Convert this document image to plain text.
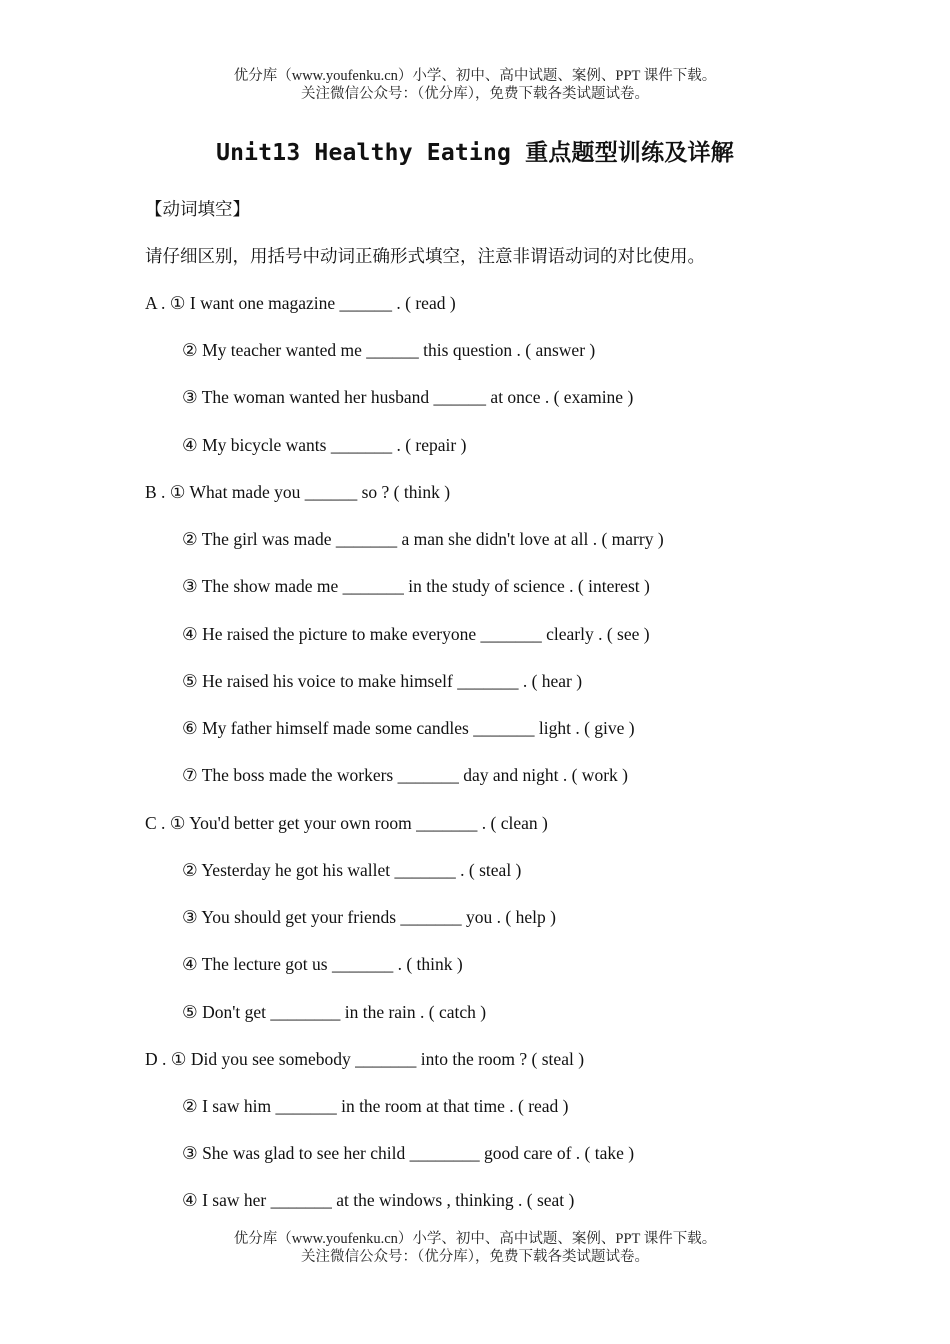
优分库（www.youfenku.cn）小学、初中、高中试题、案例、PPT 课件下载。
关注微信公众号：（优分库），免费下载各类试题试卷。
Unit13 Healthy Eating 重点题型训练及详解
【动词填空】
请仔细区别，用括号中动词正确形式填空，注意非谓语动词的对比使用。
A . ① I want one magazine ______ . ( read )
② My teacher wanted me ______ this question . ( answer )
③ The woman wanted her husband ______ at once . ( examine )
④ My bicycle wants _______ . ( repair )
B . ① What made you ______ so ? ( think )
② The girl was made _______ a man she didn't love at all . ( marry )
③ The show made me _______ in the study of science . ( interest )
④ He raised the picture to make everyone _______ clearly . ( see )
⑤ He raised his voice to make himself _______ . ( hear )
⑥ My father himself made some candles _______ light . ( give )
⑦ The boss made the workers _______ day and night . ( work )
C . ① You'd better get your own room _______ . ( clean )
② Yesterday he got his wallet _______ . ( steal )
③ You should get your friends _______ you . ( help )
④ The lecture got us _______ . ( think )
⑤ Don't get ________ in the rain . ( catch )
D . ① Did you see somebody _______ into the room ? ( steal )
② I saw him _______ in the room at that time . ( read )
③ She was glad to see her child ________ good care of . ( take )
④ I saw her _______ at the windows , thinking . ( seat )
优分库（www.youfenku.cn）小学、初中、高中试题、案例、PPT 课件下载。
关注微信公众号：（优分库），免费下载各类试题试卷。
